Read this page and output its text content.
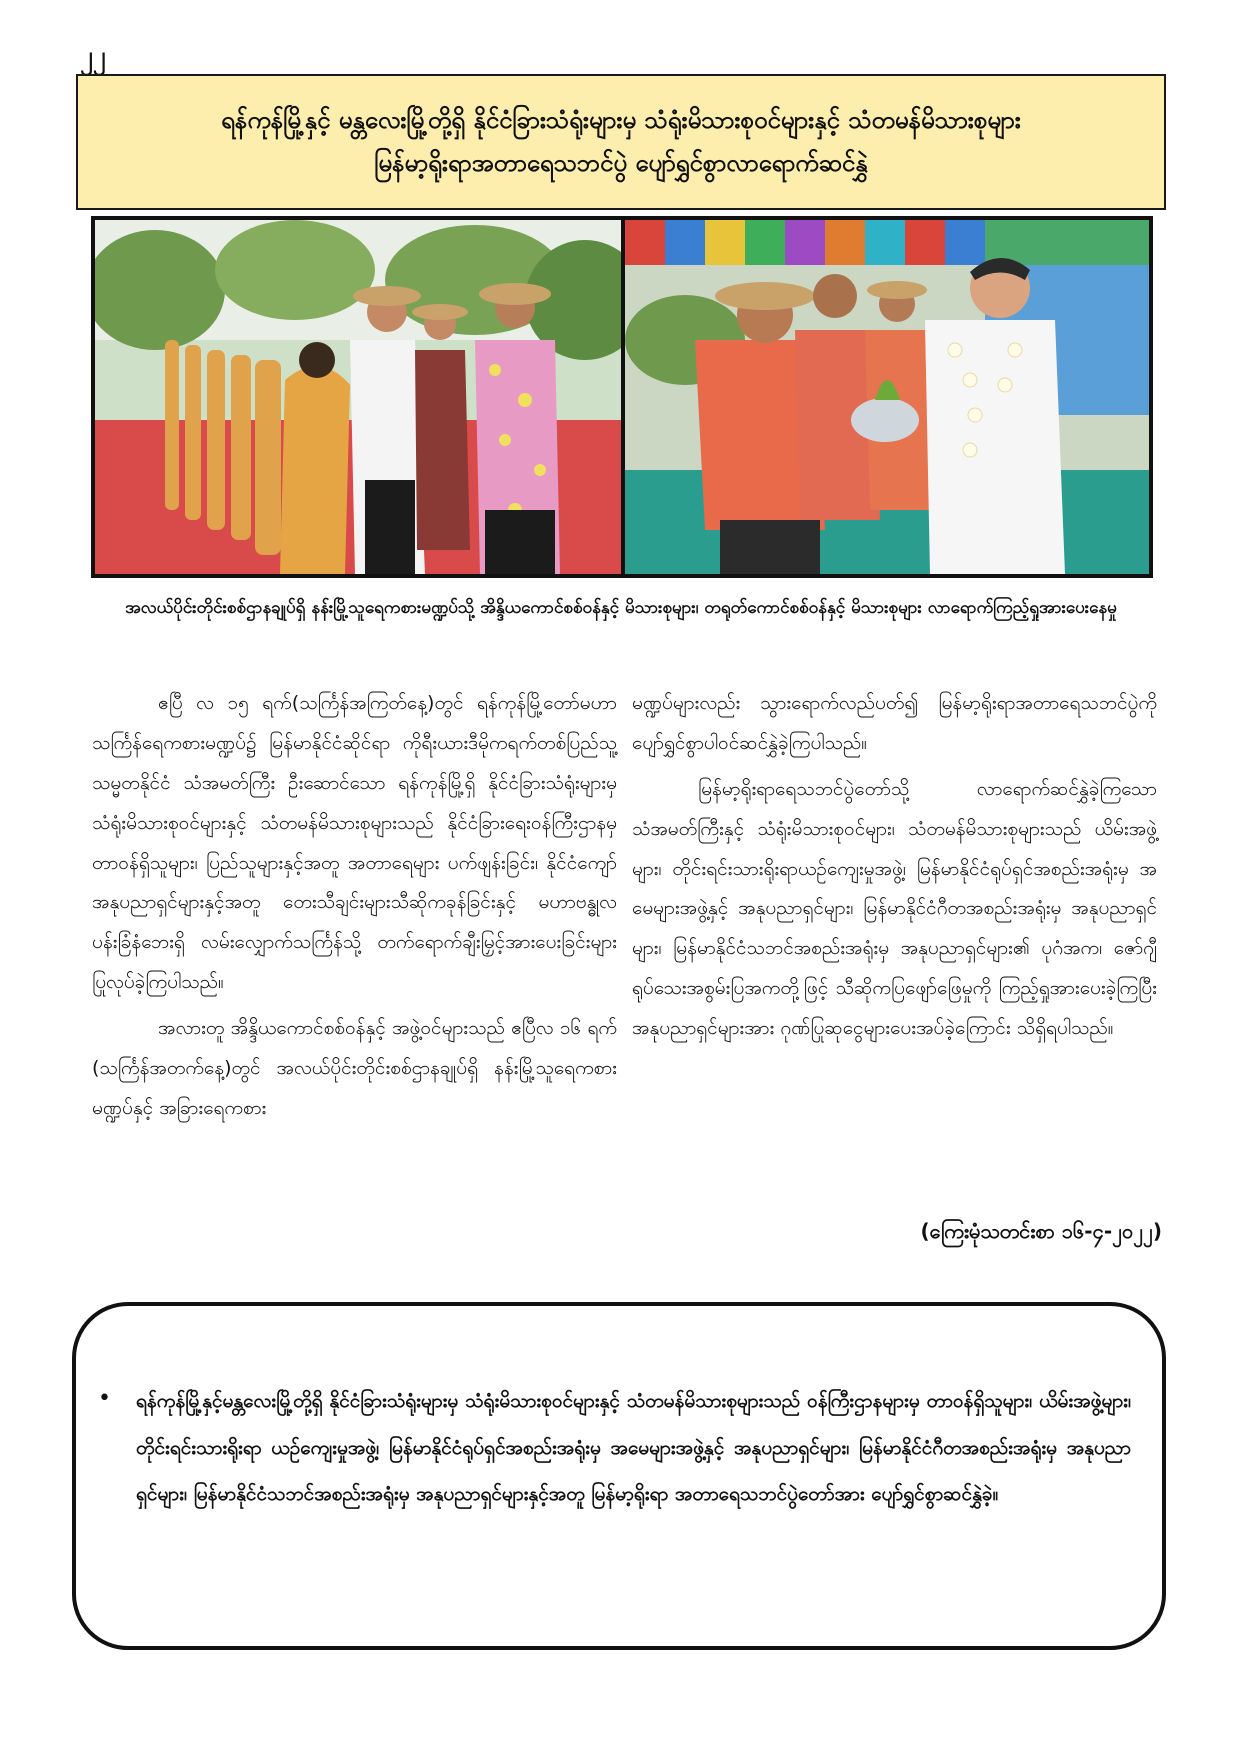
၂၂
ရန်ကုန်မြို့နှင့် မန္တလေးမြို့တို့ရှိ နိုင်ငံခြားသံရုံးများမှ သံရုံးမိသားစုဝင်များနှင့် သံတမန်မိသားစုများ
မြန်မာ့ရိုးရာအတာရေသဘင်ပွဲ ပျော်ရွှင်စွာလာရောက်ဆင်နွှဲ
အလယ်ပိုင်းတိုင်းစစ်ဌာနချုပ်ရှိ နန်းမြို့သူရေကစားမဏ္ဍပ်သို့ အိန္ဒိယကောင်စစ်ဝန်နှင့် မိသားစုများ၊ တရုတ်ကောင်စစ်ဝန်နှင့် မိသားစုများ လာရောက်ကြည့်ရှုအားပေးနေမှု

ဧပြီ လ ၁၅ ရက်(သင်္ကြန်အကြတ်နေ့)တွင် ရန်ကုန်မြို့တော်မဟာသင်္ကြန်ရေကစားမဏ္ဍပ်၌ မြန်မာနိုင်ငံဆိုင်ရာ ကိုရီးယားဒီမိုကရက်တစ်ပြည်သူ့သမ္မတနိုင်ငံ သံအမတ်ကြီး ဦးဆောင်သော ရန်ကုန်မြို့ရှိ နိုင်ငံခြားသံရုံးများမှ သံရုံးမိသားစုဝင်များနှင့် သံတမန်မိသားစုများသည် နိုင်ငံခြားရေးဝန်ကြီးဌာနမှ တာဝန်ရှိသူများ၊ ပြည်သူများနှင့်အတူ အတာရေများ ပက်ဖျန်းခြင်း၊ နိုင်ငံကျော်အနုပညာရှင်များနှင့်အတူ တေးသီချင်းများသီဆိုကခုန်ခြင်းနှင့် မဟာဗန္ဓုလပန်းခြံနံဘေးရှိ လမ်းလျှောက်သင်္ကြန်သို့ တက်ရောက်ချီးမြှင့်အားပေးခြင်းများ ပြုလုပ်ခဲ့ကြပါသည်။

အလားတူ အိန္ဒိယကောင်စစ်ဝန်နှင့် အဖွဲ့ဝင်များသည် ဧပြီလ ၁၆ ရက် (သင်္ကြန်အတက်နေ့)တွင် အလယ်ပိုင်းတိုင်းစစ်ဌာနချုပ်ရှိ နန်းမြို့သူရေကစားမဏ္ဍပ်နှင့် အခြားရေကစား

မဏ္ဍပ်များလည်း သွားရောက်လည်ပတ်၍ မြန်မာ့ရိုးရာအတာရေသဘင်ပွဲကို ပျော်ရွှင်စွာပါဝင်ဆင်နွှဲခဲ့ကြပါသည်။

မြန်မာ့ရိုးရာရေသဘင်ပွဲတော်သို့ လာရောက်ဆင်နွှဲခဲ့ကြသော သံအမတ်ကြီးနှင့် သံရုံးမိသားစုဝင်များ၊ သံတမန်မိသားစုများသည် ယိမ်းအဖွဲ့များ၊ တိုင်းရင်းသားရိုးရာယဉ်ကျေးမှုအဖွဲ့၊ မြန်မာနိုင်ငံရုပ်ရှင်အစည်းအရုံးမှ အမေများအဖွဲ့နှင့် အနုပညာရှင်များ၊ မြန်မာနိုင်ငံဂီတအစည်းအရုံးမှ အနုပညာရှင်များ၊ မြန်မာနိုင်ငံသဘင်အစည်းအရုံးမှ အနုပညာရှင်များ၏ ပုဂံအက၊ ဇော်ဂျီရုပ်သေးအစွမ်းပြအကတို့ဖြင့် သီဆိုကပြဖျော်ဖြေမှုကို ကြည့်ရှုအားပေးခဲ့ကြပြီး အနုပညာရှင်များအား ဂုဏ်ပြုဆုငွေများပေးအပ်ခဲ့ကြောင်း သိရှိရပါသည်။

(ကြေးမုံသတင်းစာ ၁၆-၄-၂၀၂၂)
• ရန်ကုန်မြို့နှင့်မန္တလေးမြို့တို့ရှိ နိုင်ငံခြားသံရုံးများမှ သံရုံးမိသားစုဝင်များနှင့် သံတမန်မိသားစုများသည် ဝန်ကြီးဌာနများမှ တာဝန်ရှိသူများ၊ ယိမ်းအဖွဲ့များ၊ တိုင်းရင်းသားရိုးရာ ယဉ်ကျေးမှုအဖွဲ့၊ မြန်မာနိုင်ငံရုပ်ရှင်အစည်းအရုံးမှ အမေများအဖွဲ့နှင့် အနုပညာရှင်များ၊ မြန်မာနိုင်ငံဂီတအစည်းအရုံးမှ အနုပညာရှင်များ၊ မြန်မာနိုင်ငံသဘင်အစည်းအရုံးမှ အနုပညာရှင်များနှင့်အတူ မြန်မာ့ရိုးရာ အတာရေသဘင်ပွဲတော်အား ပျော်ရွှင်စွာဆင်နွှဲခဲ့။
